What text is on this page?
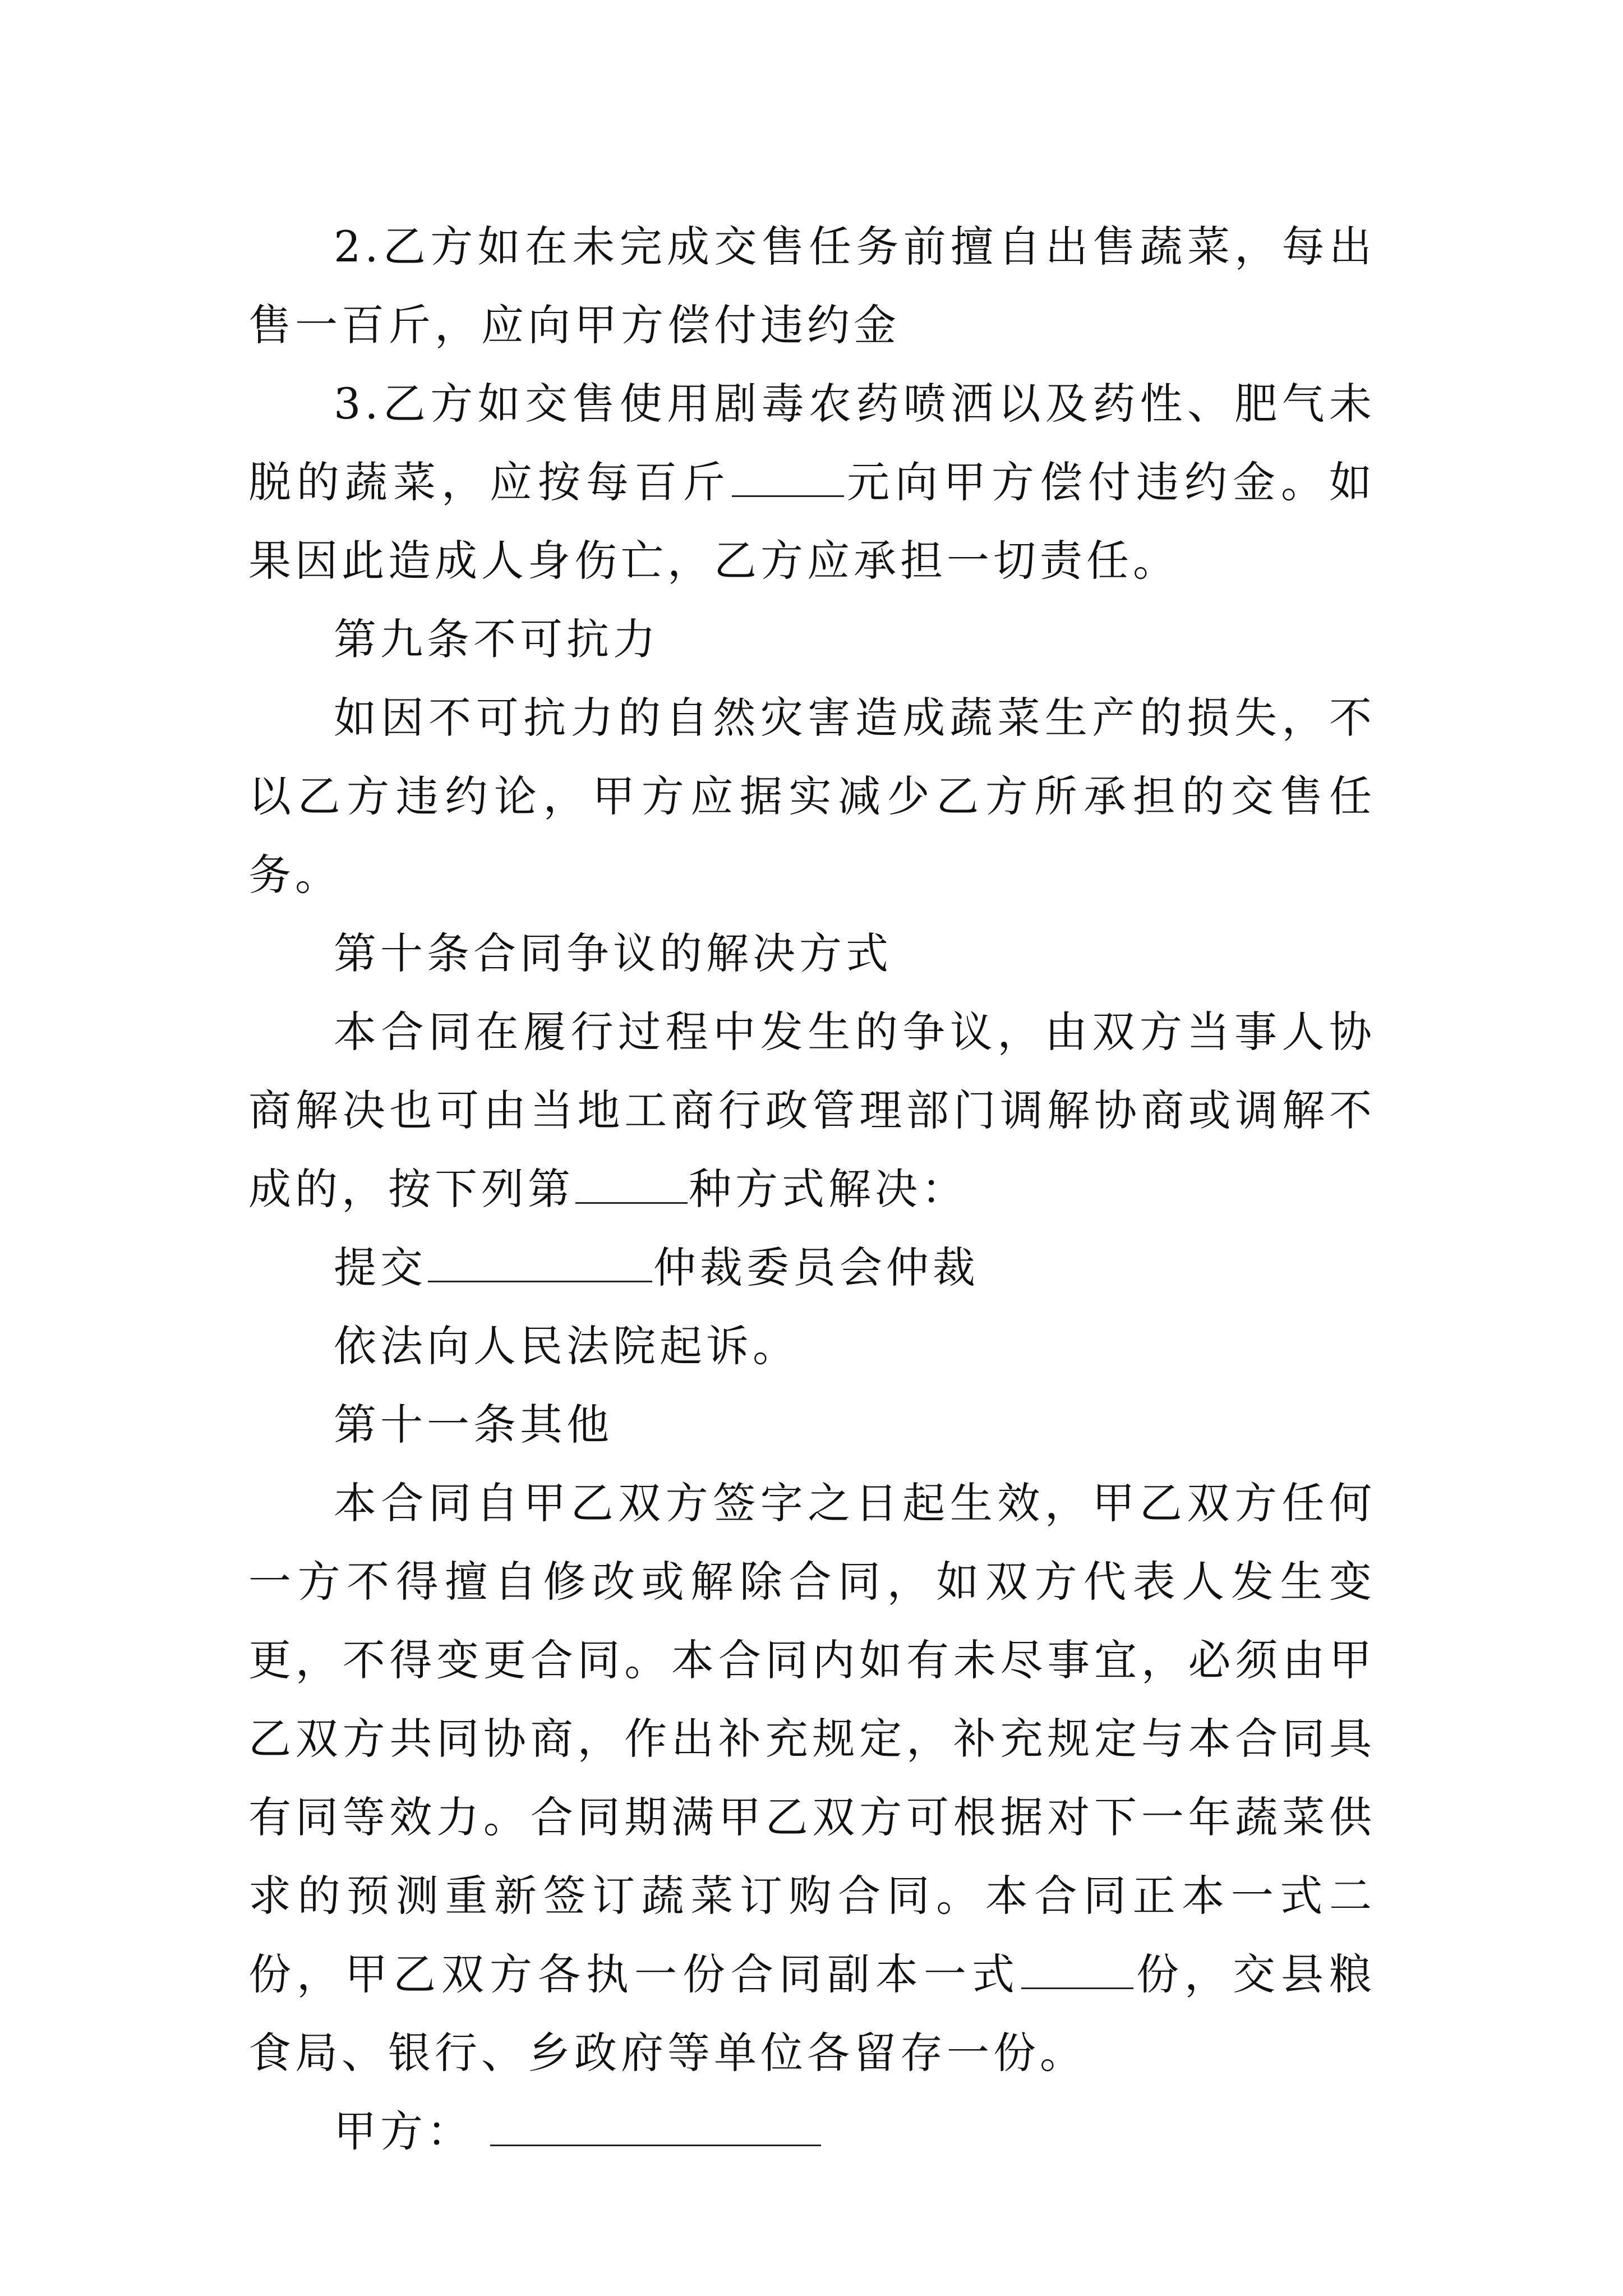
2.乙方如在未完成交售任务前擅自出售蔬菜，每出售一百斤，应向甲方偿付违约金

3.乙方如交售使用剧毒农药喷洒以及药性、肥气未脱的蔬菜，应按每百斤	元向甲方偿付违约金。如果因此造成人身伤亡，乙方应承担一切责任。

第九条不可抗力

如因不可抗力的自然灾害造成蔬菜生产的损失，不以乙方违约论，甲方应据实减少乙方所承担的交售任务。

第十条合同争议的解决方式

本合同在履行过程中发生的争议，由双方当事人协商解决也可由当地工商行政管理部门调解协商或调解不成的，按下列第	种方式解决：

提交	仲裁委员会仲裁

依法向人民法院起诉。

第十一条其他

本合同自甲乙双方签字之日起生效，甲乙双方任何一方不得擅自修改或解除合同，如双方代表人发生变更，不得变更合同。本合同内如有未尽事宜，必须由甲乙双方共同协商，作出补充规定，补充规定与本合同具有同等效力。合同期满甲乙双方可根据对下一年蔬菜供求的预测重新签订蔬菜订购合同。本合同正本一式二份，甲乙双方各执一份合同副本一式	份，交县粮食局、银行、乡政府等单位各留存一份。

甲方：
